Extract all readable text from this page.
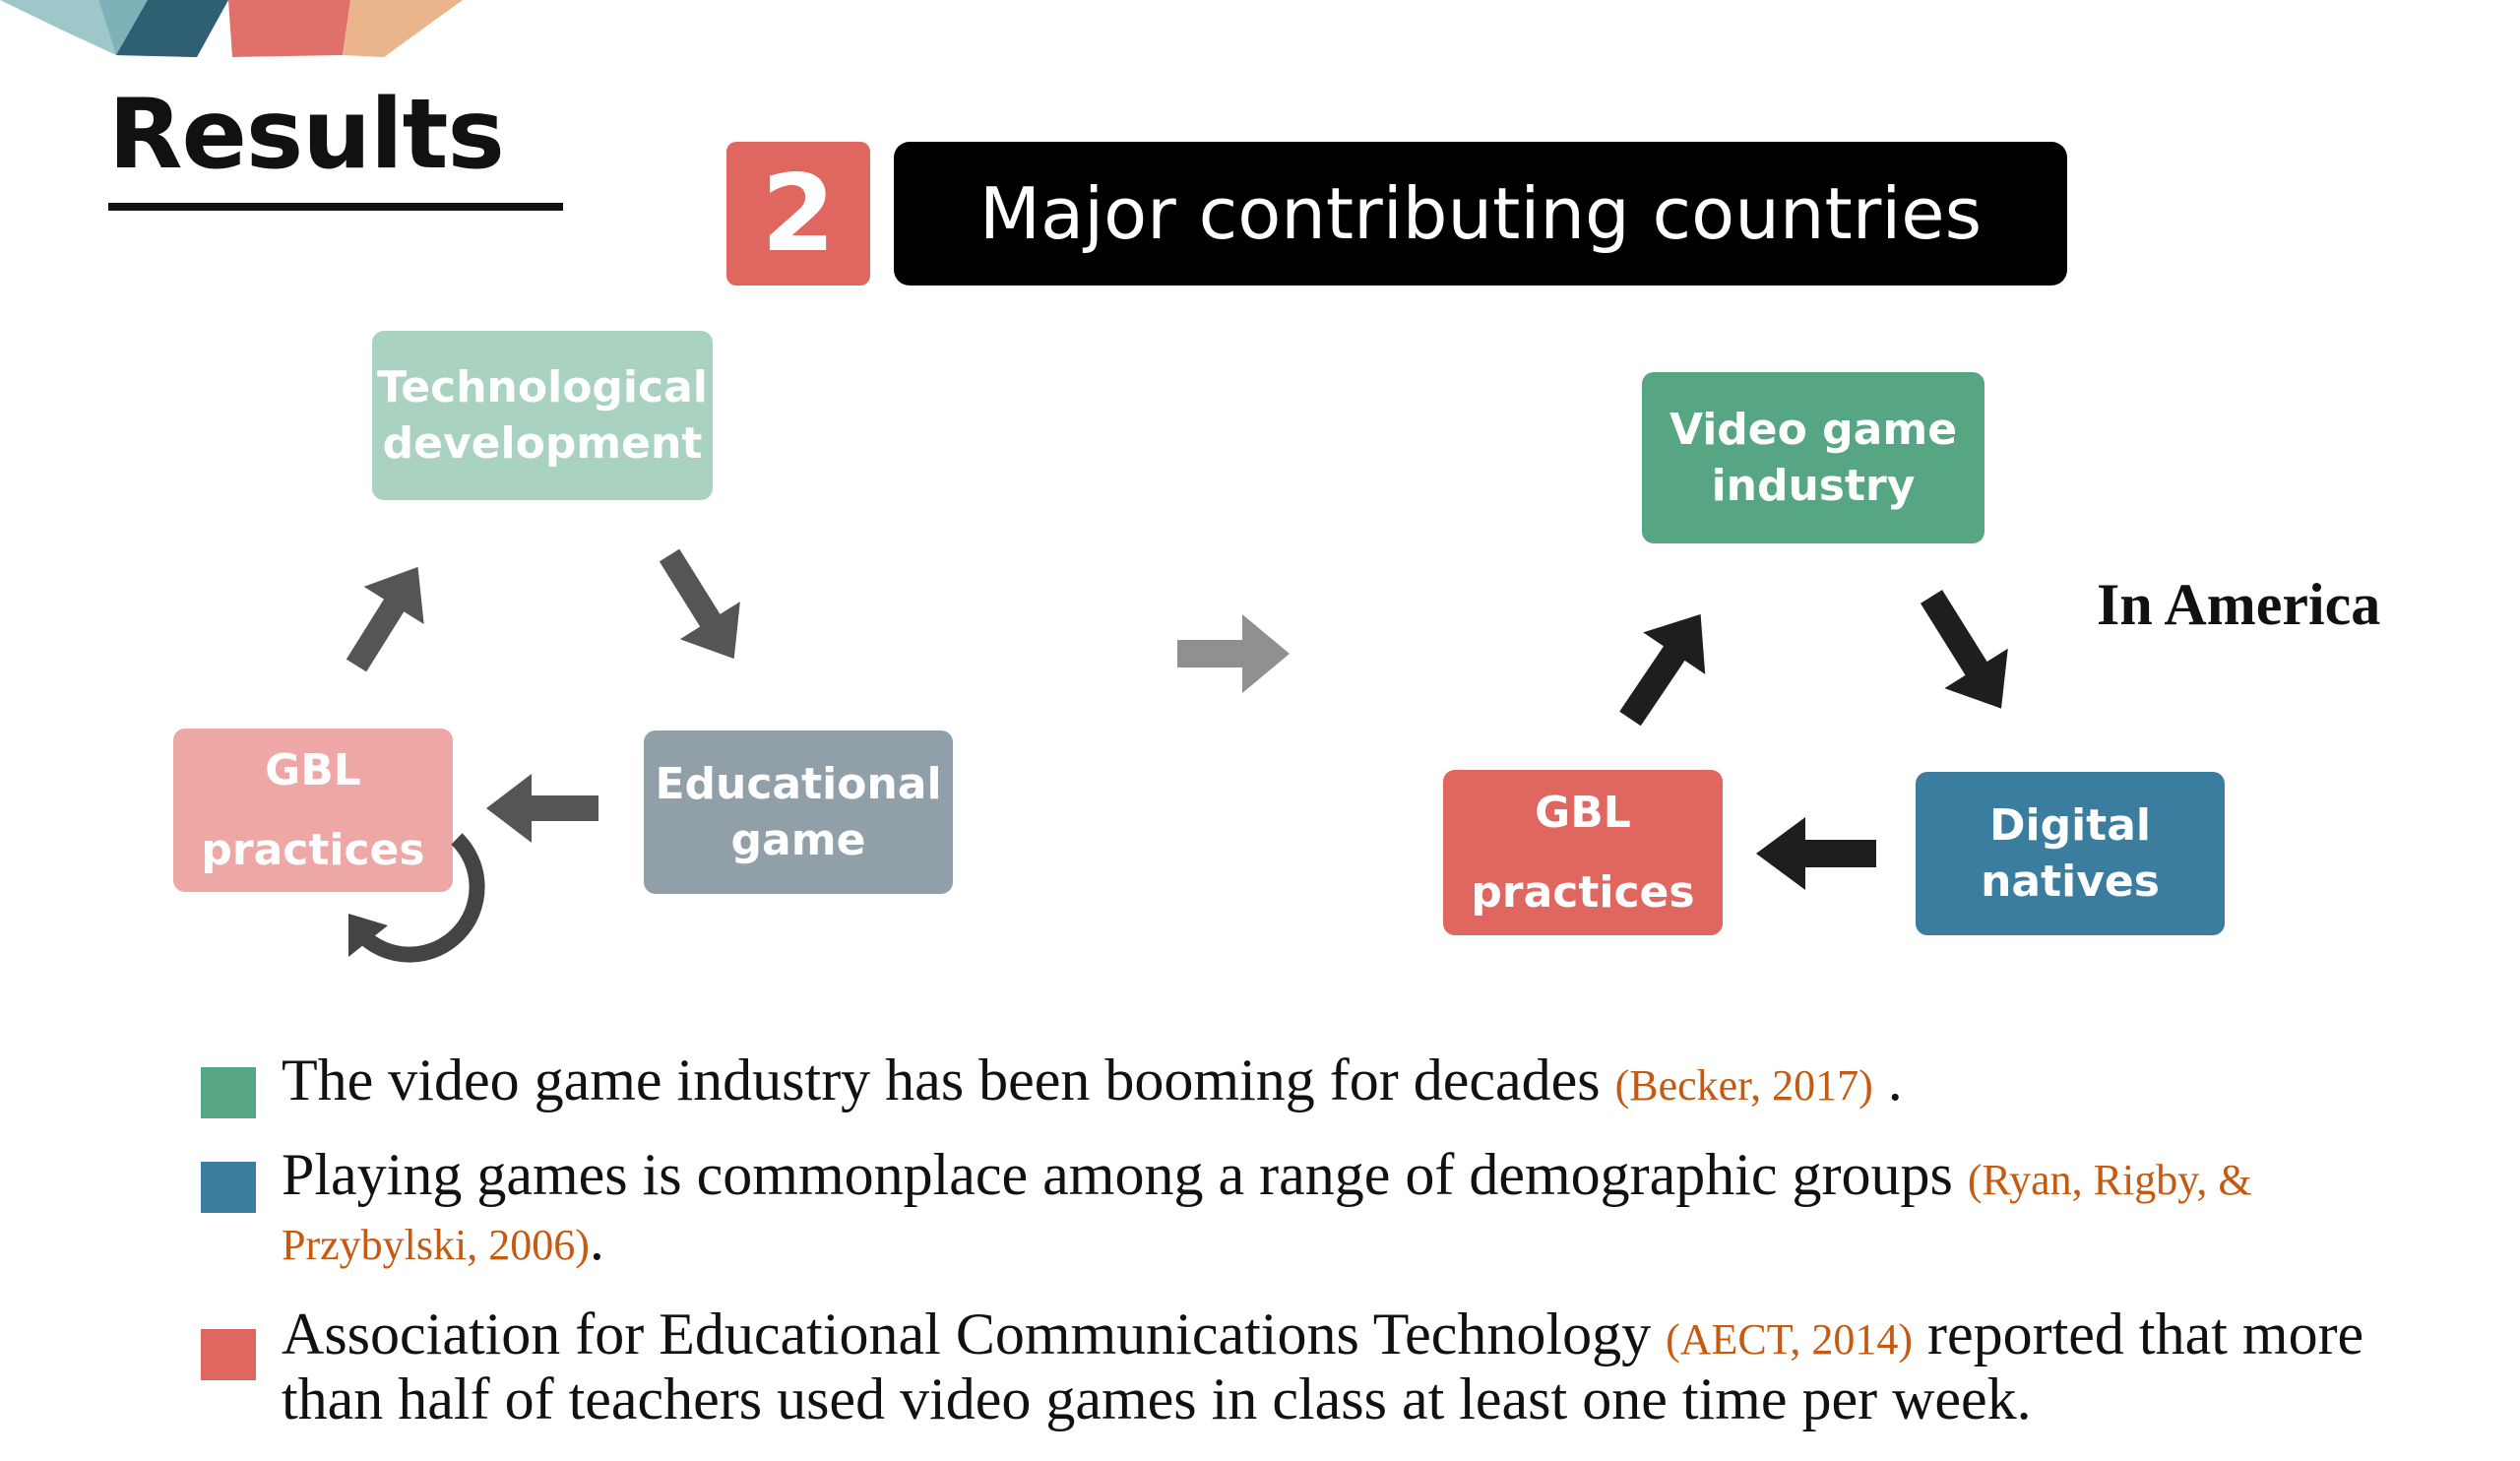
Results
2	Major contributing countries
Technological
development
Educational
game
GBL
practices
Video game
industry
Digital
natives
GBL
practices
In America
The video game industry has been booming for decades (Becker, 2017) .
Playing games is commonplace among a range of demographic groups (Ryan, Rigby, & Przybylski, 2006).
Association for Educational Communications Technology (AECT, 2014) reported that more than half of teachers used video games in class at least one time per week.
